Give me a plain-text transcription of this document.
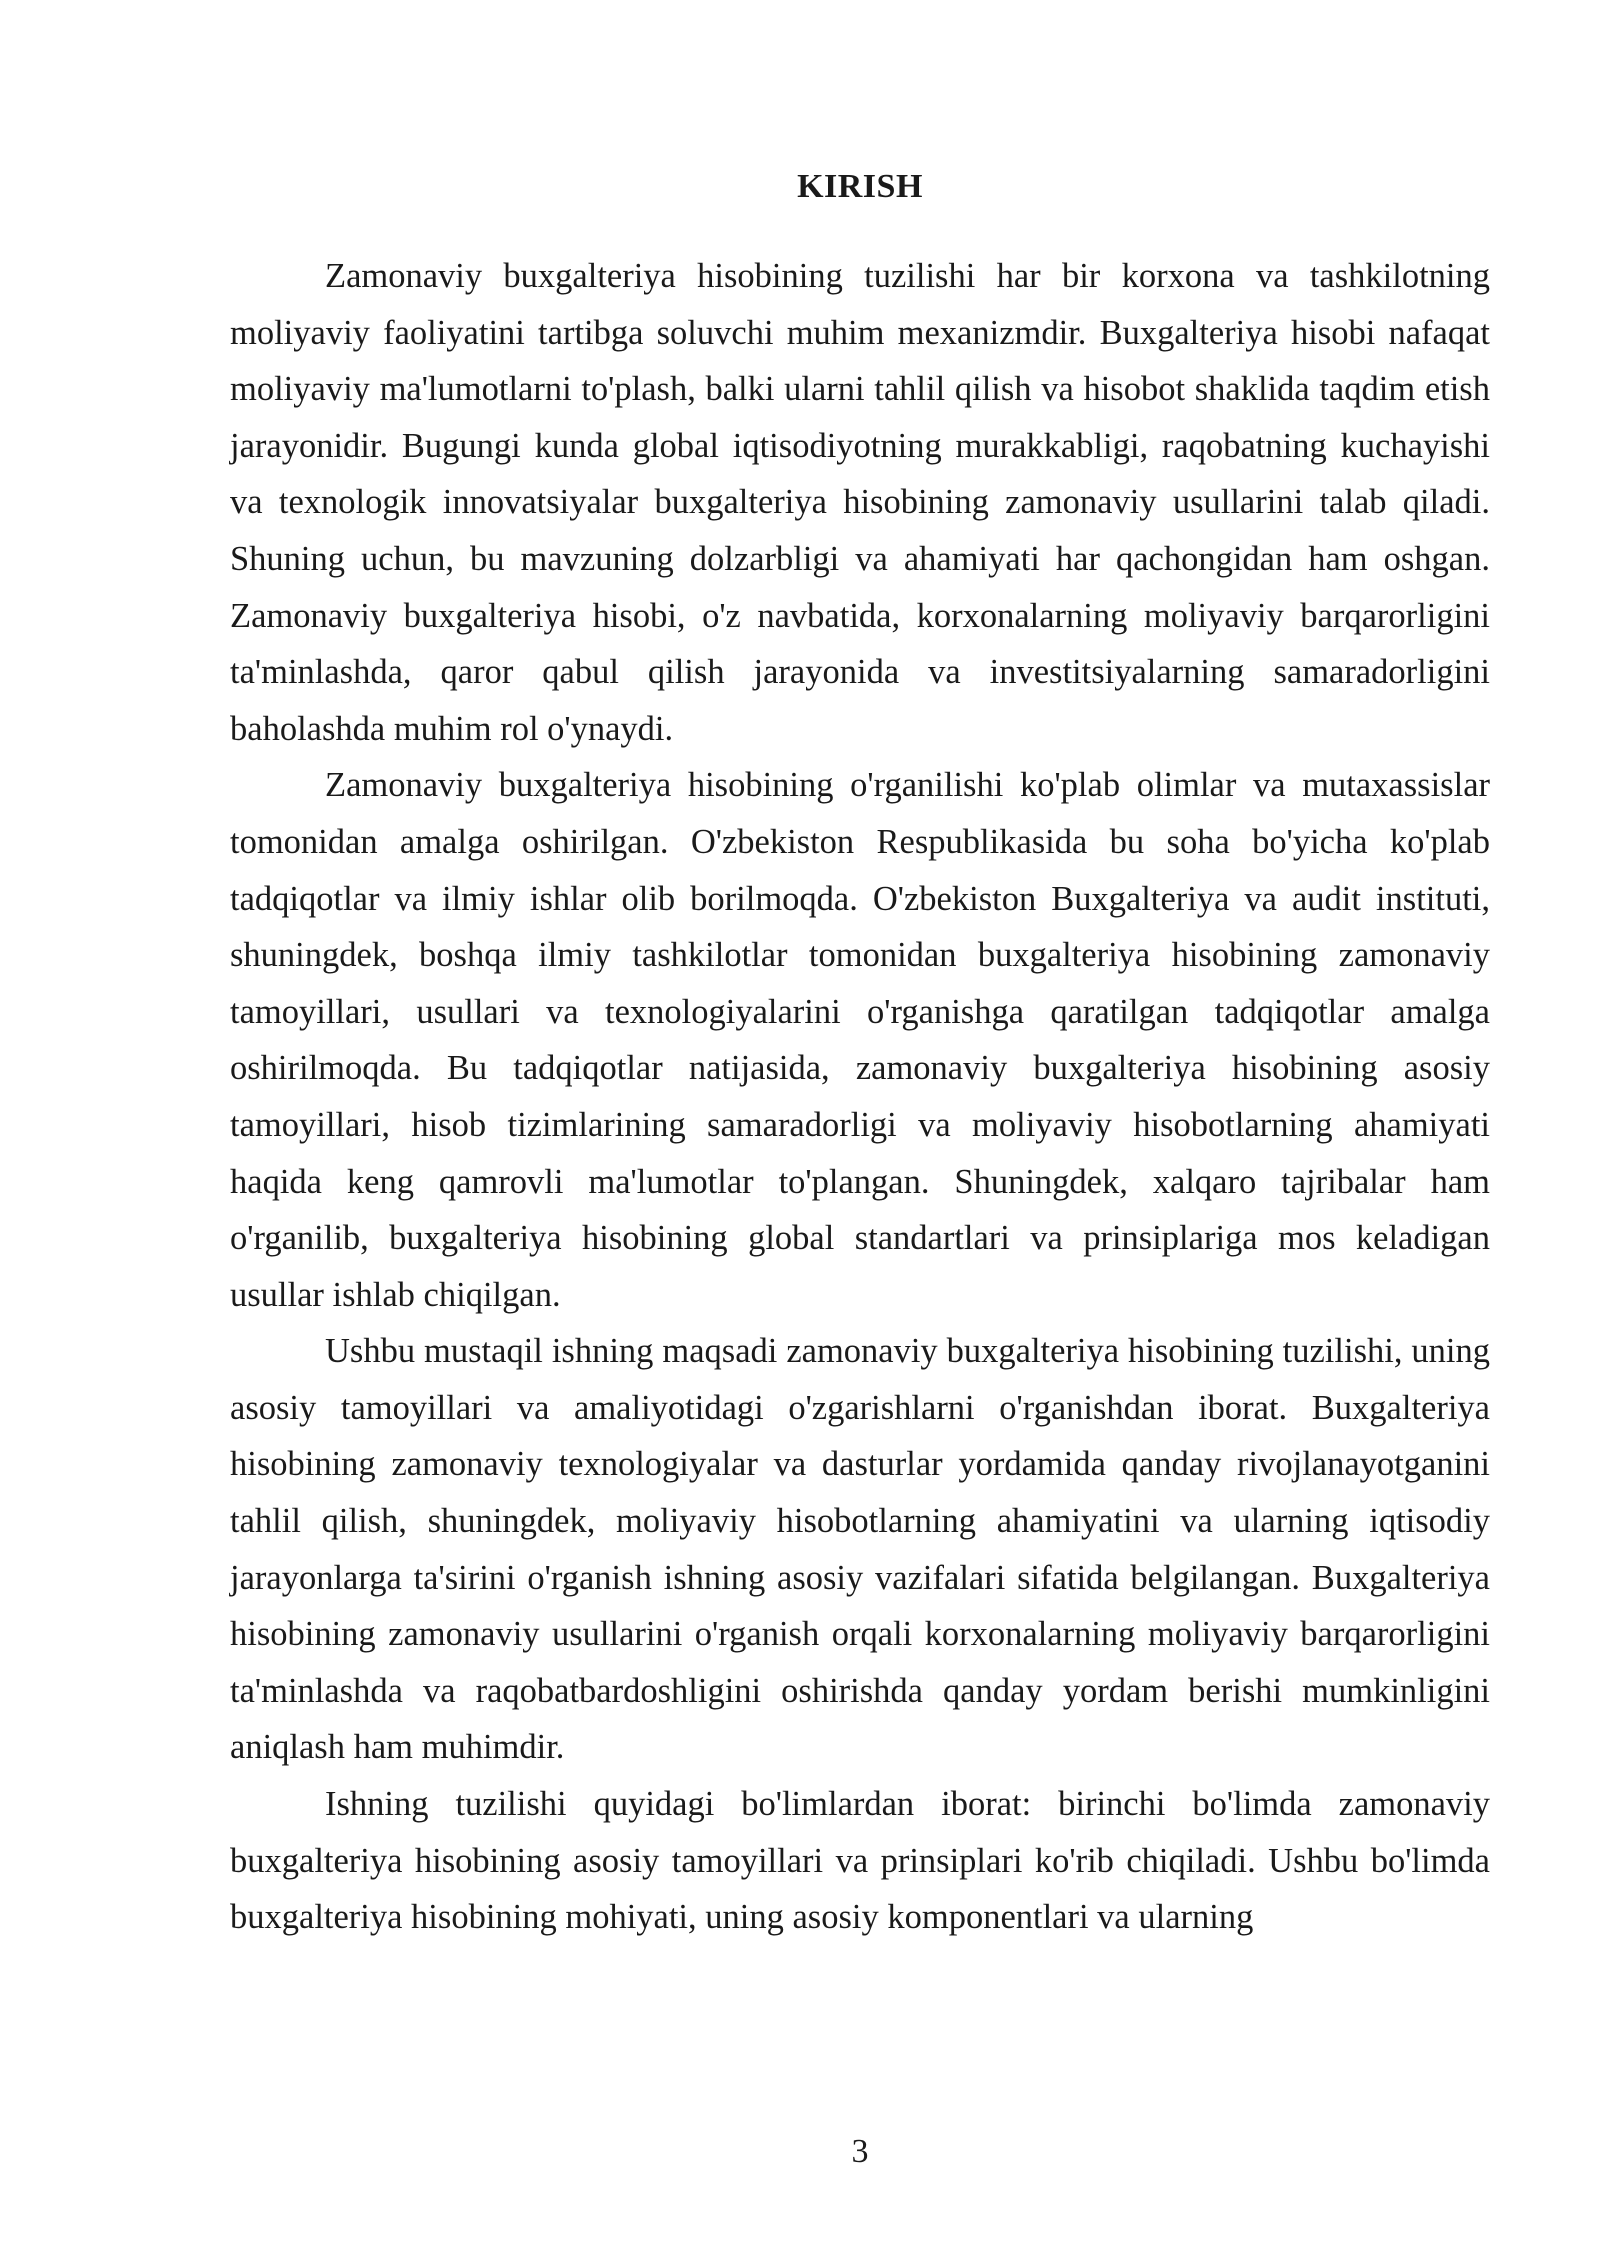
KIRISH

Zamonaviy buxgalteriya hisobining tuzilishi har bir korxona va tashkilotning moliyaviy faoliyatini tartibga soluvchi muhim mexanizmdir. Buxgalteriya hisobi nafaqat moliyaviy ma'lumotlarni to'plash, balki ularni tahlil qilish va hisobot shaklida taqdim etish jarayonidir. Bugungi kunda global iqtisodiyotning murakkabligi, raqobatning kuchayishi va texnologik innovatsiyalar buxgalteriya hisobining zamonaviy usullarini talab qiladi. Shuning uchun, bu mavzuning dolzarbligi va ahamiyati har qachongidan ham oshgan. Zamonaviy buxgalteriya hisobi, o'z navbatida, korxonalarning moliyaviy barqarorligini ta'minlashda, qaror qabul qilish jarayonida va investitsiyalarning samaradorligini baholashda muhim rol o'ynaydi.

Zamonaviy buxgalteriya hisobining o'rganilishi ko'plab olimlar va mutaxassislar tomonidan amalga oshirilgan. O'zbekiston Respublikasida bu soha bo'yicha ko'plab tadqiqotlar va ilmiy ishlar olib borilmoqda. O'zbekiston Buxgalteriya va audit instituti, shuningdek, boshqa ilmiy tashkilotlar tomonidan buxgalteriya hisobining zamonaviy tamoyillari, usullari va texnologiyalarini o'rganishga qaratilgan tadqiqotlar amalga oshirilmoqda. Bu tadqiqotlar natijasida, zamonaviy buxgalteriya hisobining asosiy tamoyillari, hisob tizimlarining samaradorligi va moliyaviy hisobotlarning ahamiyati haqida keng qamrovli ma'lumotlar to'plangan. Shuningdek, xalqaro tajribalar ham o'rganilib, buxgalteriya hisobining global standartlari va prinsiplariga mos keladigan usullar ishlab chiqilgan.

Ushbu mustaqil ishning maqsadi zamonaviy buxgalteriya hisobining tuzilishi, uning asosiy tamoyillari va amaliyotidagi o'zgarishlarni o'rganishdan iborat. Buxgalteriya hisobining zamonaviy texnologiyalar va dasturlar yordamida qanday rivojlanayotganini tahlil qilish, shuningdek, moliyaviy hisobotlarning ahamiyatini va ularning iqtisodiy jarayonlarga ta'sirini o'rganish ishning asosiy vazifalari sifatida belgilangan. Buxgalteriya hisobining zamonaviy usullarini o'rganish orqali korxonalarning moliyaviy barqarorligini ta'minlashda va raqobatbardoshligini oshirishda qanday yordam berishi mumkinligini aniqlash ham muhimdir.

Ishning tuzilishi quyidagi bo'limlardan iborat: birinchi bo'limda zamonaviy buxgalteriya hisobining asosiy tamoyillari va prinsiplari ko'rib chiqiladi. Ushbu bo'limda buxgalteriya hisobining mohiyati, uning asosiy komponentlari va ularning

3
